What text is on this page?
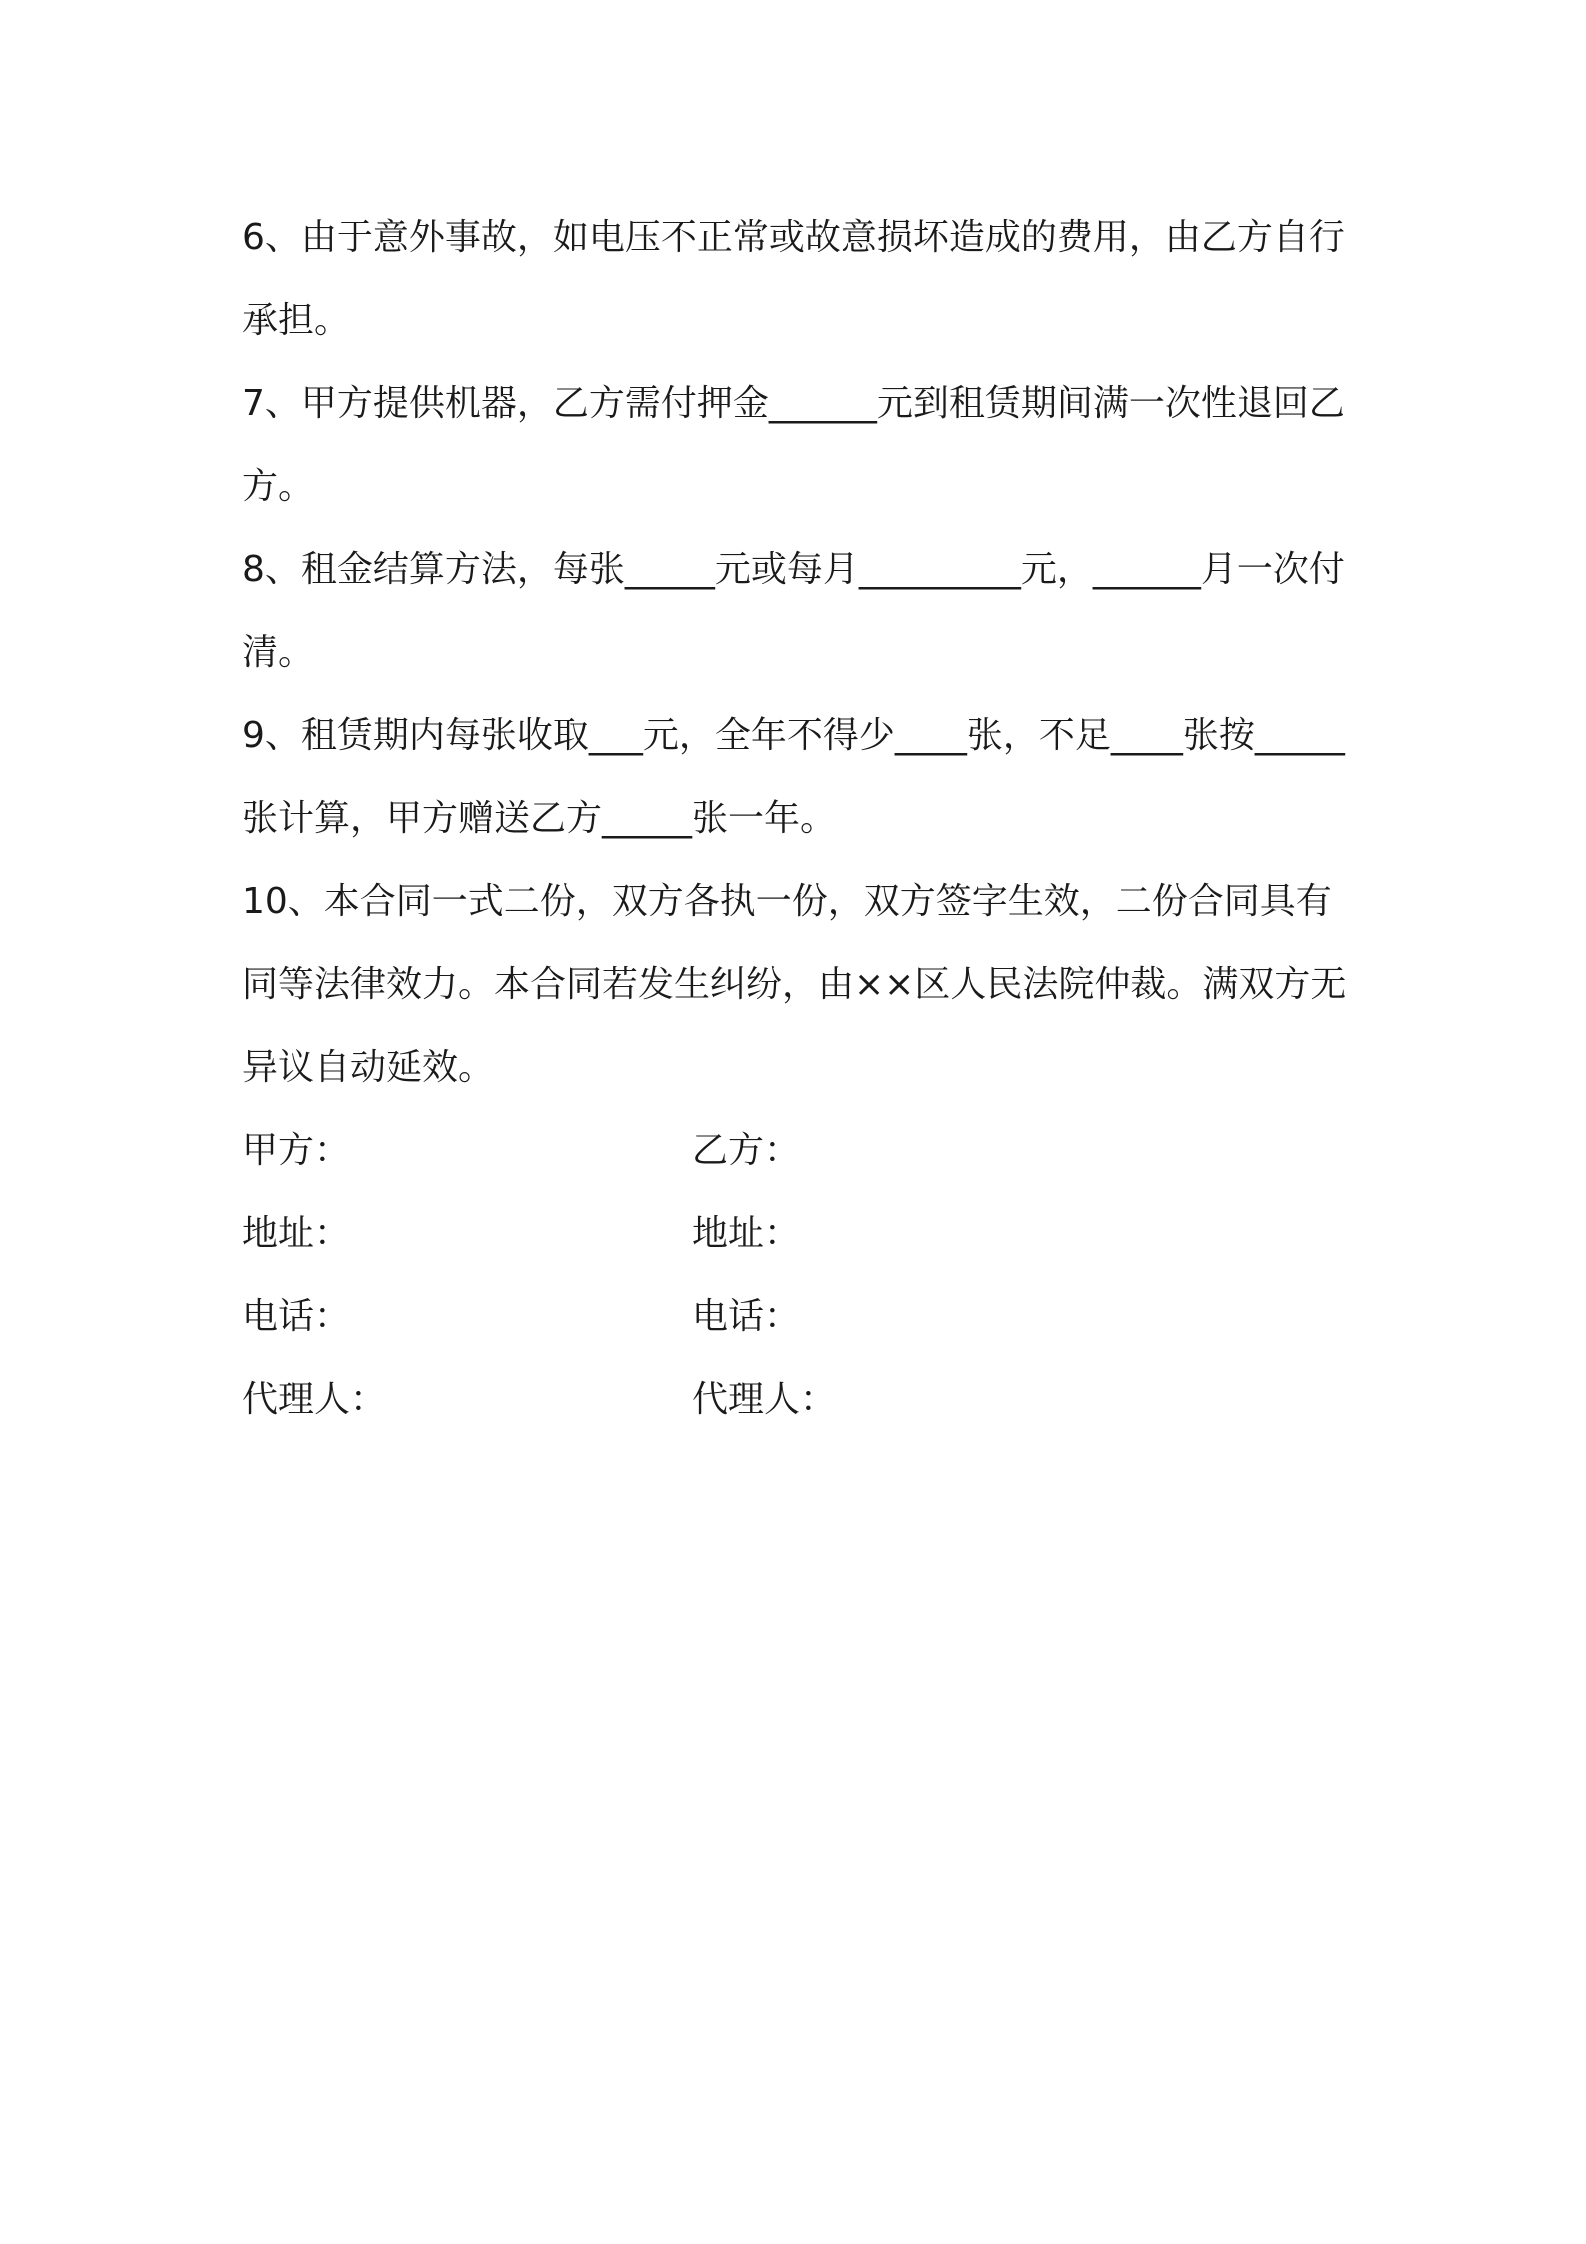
6、由于意外事故，如电压不正常或故意损坏造成的费用，由乙方自行承担。

7、甲方提供机器，乙方需付押金______元到租赁期间满一次性退回乙方。

8、租金结算方法，每张_____元或每月_________元，______月一次付清。

9、租赁期内每张收取___元，全年不得少____张，不足____张按_____张计算，甲方赠送乙方_____张一年。

10、本合同一式二份，双方各执一份，双方签字生效，二份合同具有同等法律效力。本合同若发生纠纷，由××区人民法院仲裁。满双方无异议自动延效。

甲方：	乙方：
地址：	地址：
电话：	电话：
代理人：	代理人：
